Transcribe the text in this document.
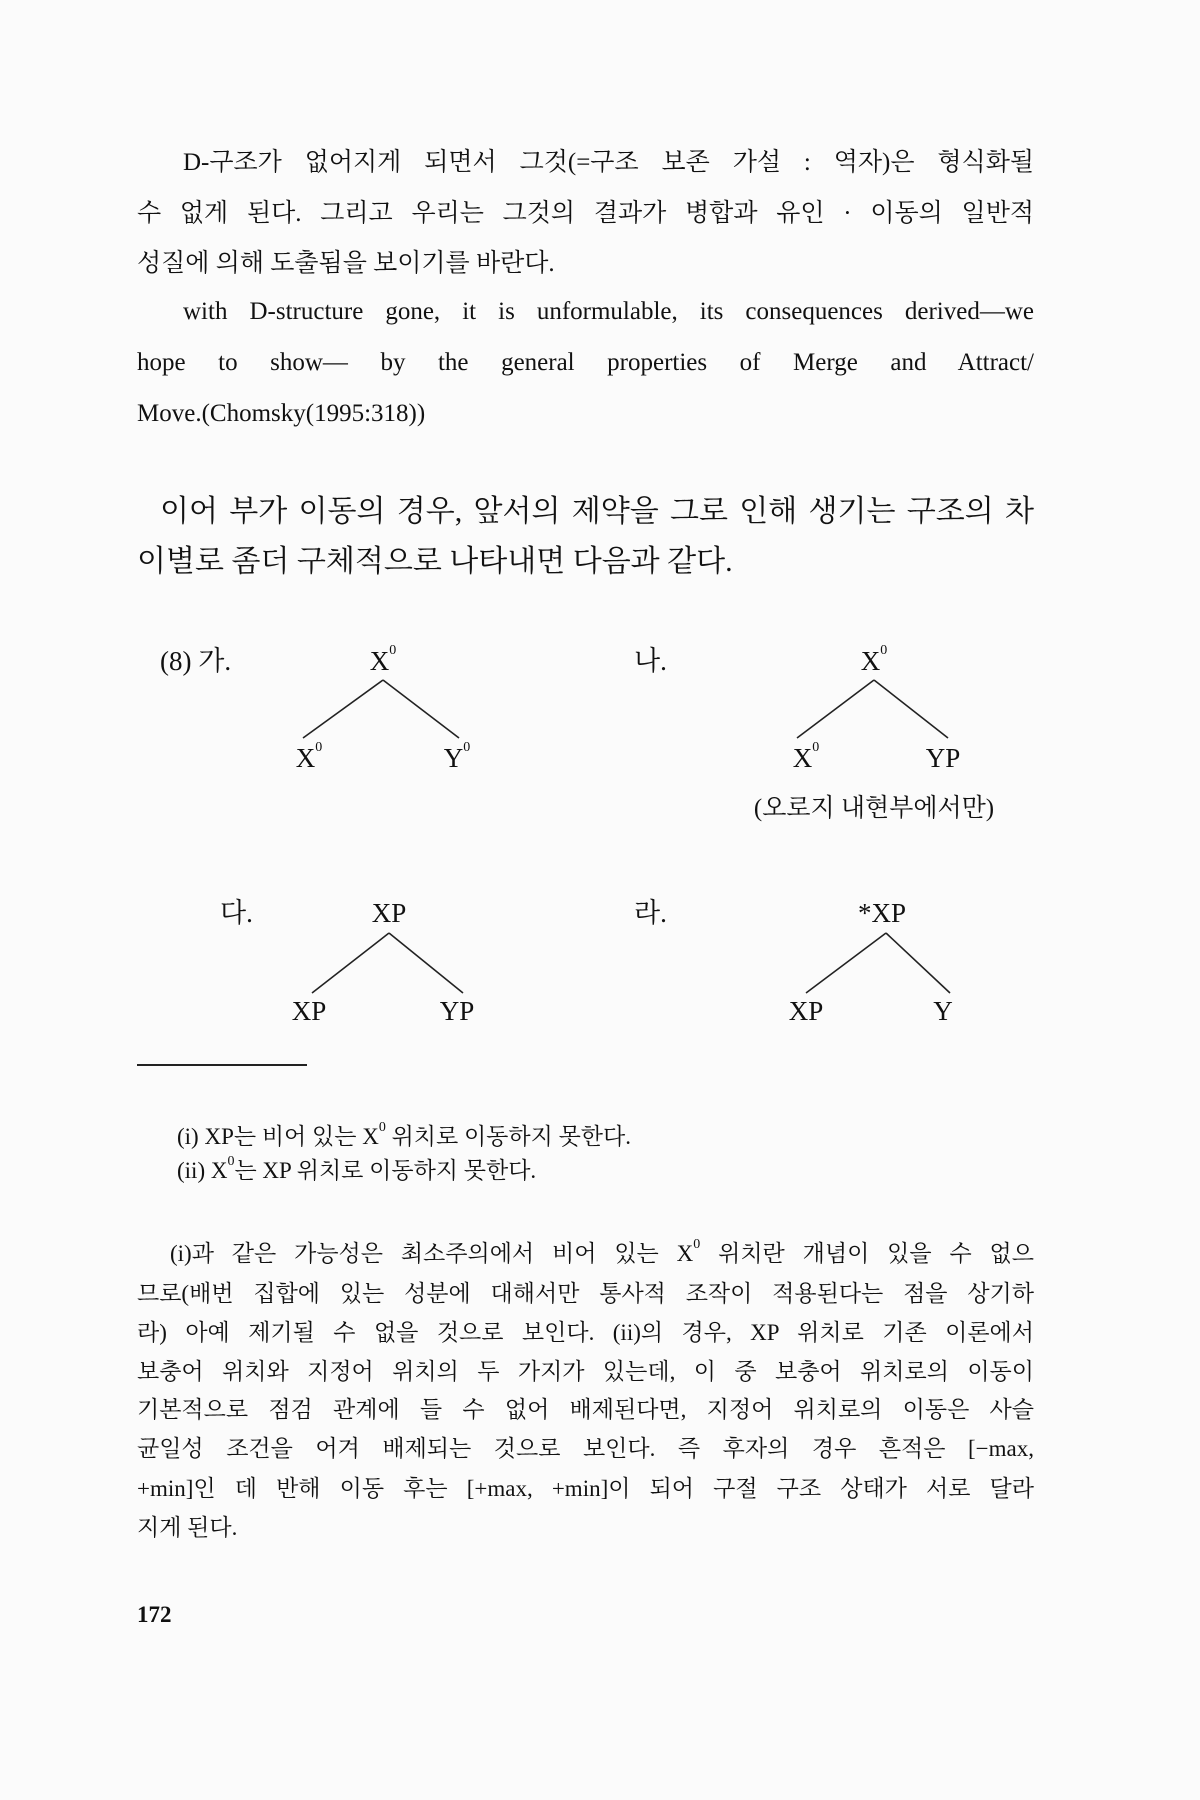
D-구조가 없어지게 되면서 그것(=구조 보존 가설 : 역자)은 형식화될
수 없게 된다. 그리고 우리는 그것의 결과가 병합과 유인 · 이동의 일반적
성질에 의해 도출됨을 보이기를 바란다.
with D-structure gone, it is unformulable, its consequences derived—we
hope to show— by the general properties of Merge and Attract/
Move.(Chomsky(1995:318))
이어 부가 이동의 경우, 앞서의 제약을 그로 인해 생기는 구조의 차
이별로 좀더 구체적으로 나타내면 다음과 같다.
(8) 가.	나.
다.	라.
$X^0$
$X^0$	$Y^0$
$X^0$
$X^0$	YP
(오로지 내현부에서만)
XP
XP	YP
*XP
XP	Y
(i) XP는 비어 있는 $X^0$ 위치로 이동하지 못한다.
(ii) $X^0$는 XP 위치로 이동하지 못한다.
(i)과 같은 가능성은 최소주의에서 비어 있는 $X^0$ 위치란 개념이 있을 수 없으
므로(배번 집합에 있는 성분에 대해서만 통사적 조작이 적용된다는 점을 상기하
라) 아예 제기될 수 없을 것으로 보인다. (ii)의 경우, XP 위치로 기존 이론에서
보충어 위치와 지정어 위치의 두 가지가 있는데, 이 중 보충어 위치로의 이동이
기본적으로 점검 관계에 들 수 없어 배제된다면, 지정어 위치로의 이동은 사슬
균일성 조건을 어겨 배제되는 것으로 보인다. 즉 후자의 경우 흔적은 [−max,
+min]인 데 반해 이동 후는 [+max, +min]이 되어 구절 구조 상태가 서로 달라
지게 된다.
172
